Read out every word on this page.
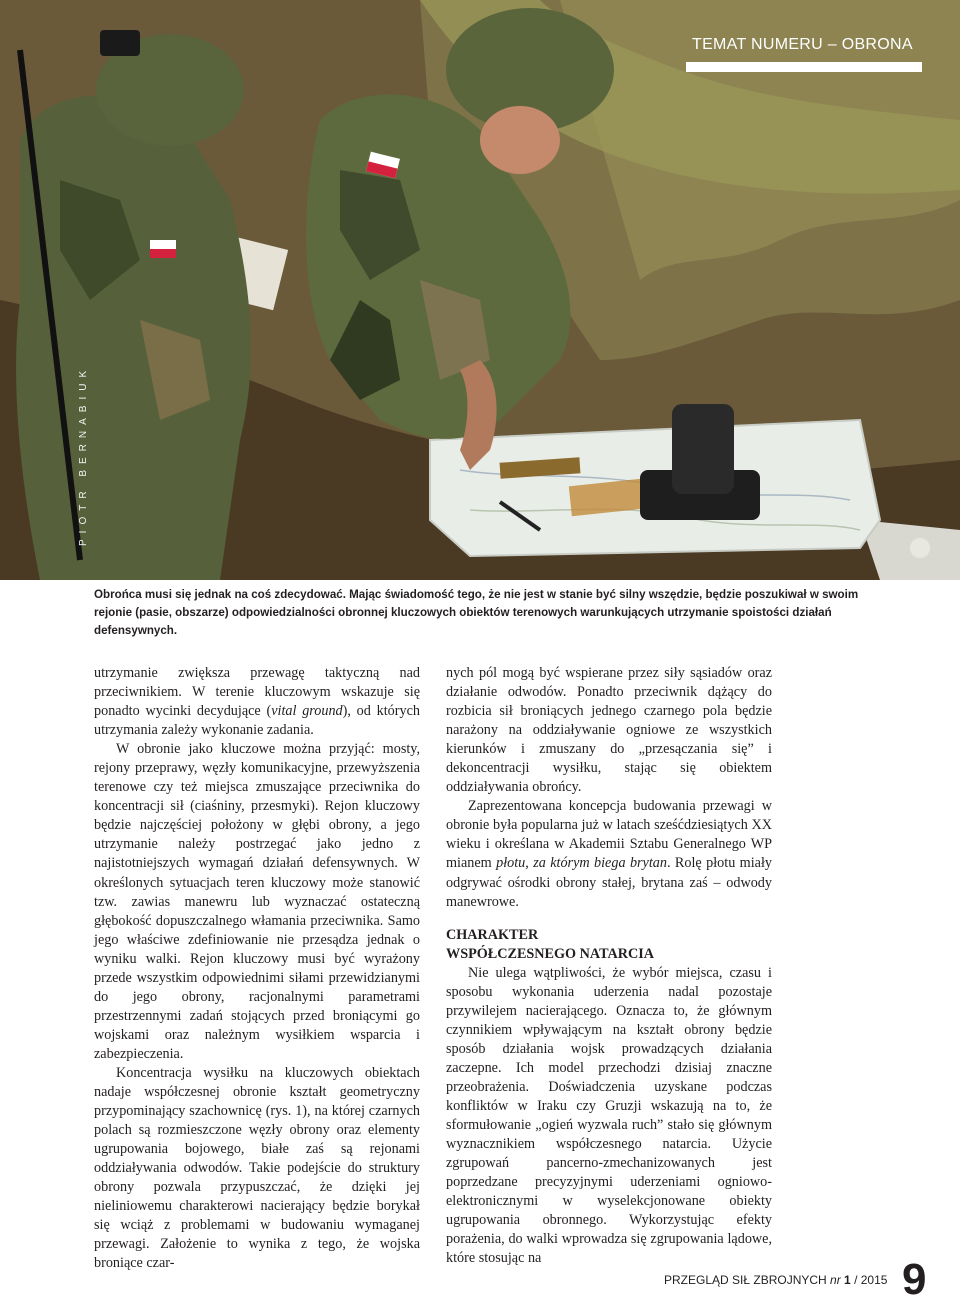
TEMAT NUMERU – OBRONA
PIOTR BERNABIUK

Obrońca musi się jednak na coś zdecydować. Mając świadomość tego, że nie jest w stanie być silny wszędzie, będzie poszukiwał w swoim rejonie (pasie, obszarze) odpowiedzialności obronnej kluczowych obiektów terenowych warunkujących utrzymanie spoistości działań defensywnych.

utrzymanie zwiększa przewagę taktyczną nad przeciwnikiem. W terenie kluczowym wskazuje się ponadto wycinki decydujące (vital ground), od których utrzymania zależy wykonanie zadania.

W obronie jako kluczowe można przyjąć: mosty, rejony przeprawy, węzły komunikacyjne, przewyższenia terenowe czy też miejsca zmuszające przeciwnika do koncentracji sił (ciaśniny, przesmyki). Rejon kluczowy będzie najczęściej położony w głębi obrony, a jego utrzymanie należy postrzegać jako jedno z najistotniejszych wymagań działań defensywnych. W określonych sytuacjach teren kluczowy może stanowić tzw. zawias manewru lub wyznaczać ostateczną głębokość dopuszczalnego włamania przeciwnika. Samo jego właściwe zdefiniowanie nie przesądza jednak o wyniku walki. Rejon kluczowy musi być wyrażony przede wszystkim odpowiednimi siłami przewidzianymi do jego obrony, racjonalnymi parametrami przestrzennymi zadań stojących przed broniącymi go wojskami oraz należnym wysiłkiem wsparcia i zabezpieczenia.

Koncentracja wysiłku na kluczowych obiektach nadaje współczesnej obronie kształt geometryczny przypominający szachownicę (rys. 1), na której czarnych polach są rozmieszczone węzły obrony oraz elementy ugrupowania bojowego, białe zaś są rejonami oddziaływania odwodów. Takie podejście do struktury obrony pozwala przypuszczać, że dzięki jej nieliniowemu charakterowi nacierający będzie borykał się wciąż z problemami w budowaniu wymaganej przewagi. Założenie to wynika z tego, że wojska broniące czar-

nych pól mogą być wspierane przez siły sąsiadów oraz działanie odwodów. Ponadto przeciwnik dążący do rozbicia sił broniących jednego czarnego pola będzie narażony na oddziaływanie ogniowe ze wszystkich kierunków i zmuszany do „przesączania się” i dekoncentracji wysiłku, stając się obiektem oddziaływania obrońcy.

Zaprezentowana koncepcja budowania przewagi w obronie była popularna już w latach sześćdziesiątych XX wieku i określana w Akademii Sztabu Generalnego WP mianem płotu, za którym biega brytan. Rolę płotu miały odgrywać ośrodki obrony stałej, brytana zaś – odwody manewrowe.

CHARAKTER
WSPÓŁCZESNEGO NATARCIA

Nie ulega wątpliwości, że wybór miejsca, czasu i sposobu wykonania uderzenia nadal pozostaje przywilejem nacierającego. Oznacza to, że głównym czynnikiem wpływającym na kształt obrony będzie sposób działania wojsk prowadzących działania zaczepne. Ich model przechodzi dzisiaj znaczne przeobrażenia. Doświadczenia uzyskane podczas konfliktów w Iraku czy Gruzji wskazują na to, że sformułowanie „ogień wyzwala ruch” stało się głównym wyznacznikiem współczesnego natarcia. Użycie zgrupowań pancerno-zmechanizowanych jest poprzedzane precyzyjnymi uderzeniami ogniowo-elektronicznymi w wyselekcjonowane obiekty ugrupowania obronnego. Wykorzystując efekty porażenia, do walki wprowadza się zgrupowania lądowe, które stosując na

PRZEGLĄD SIŁ ZBROJNYCH nr 1 / 2015 9
